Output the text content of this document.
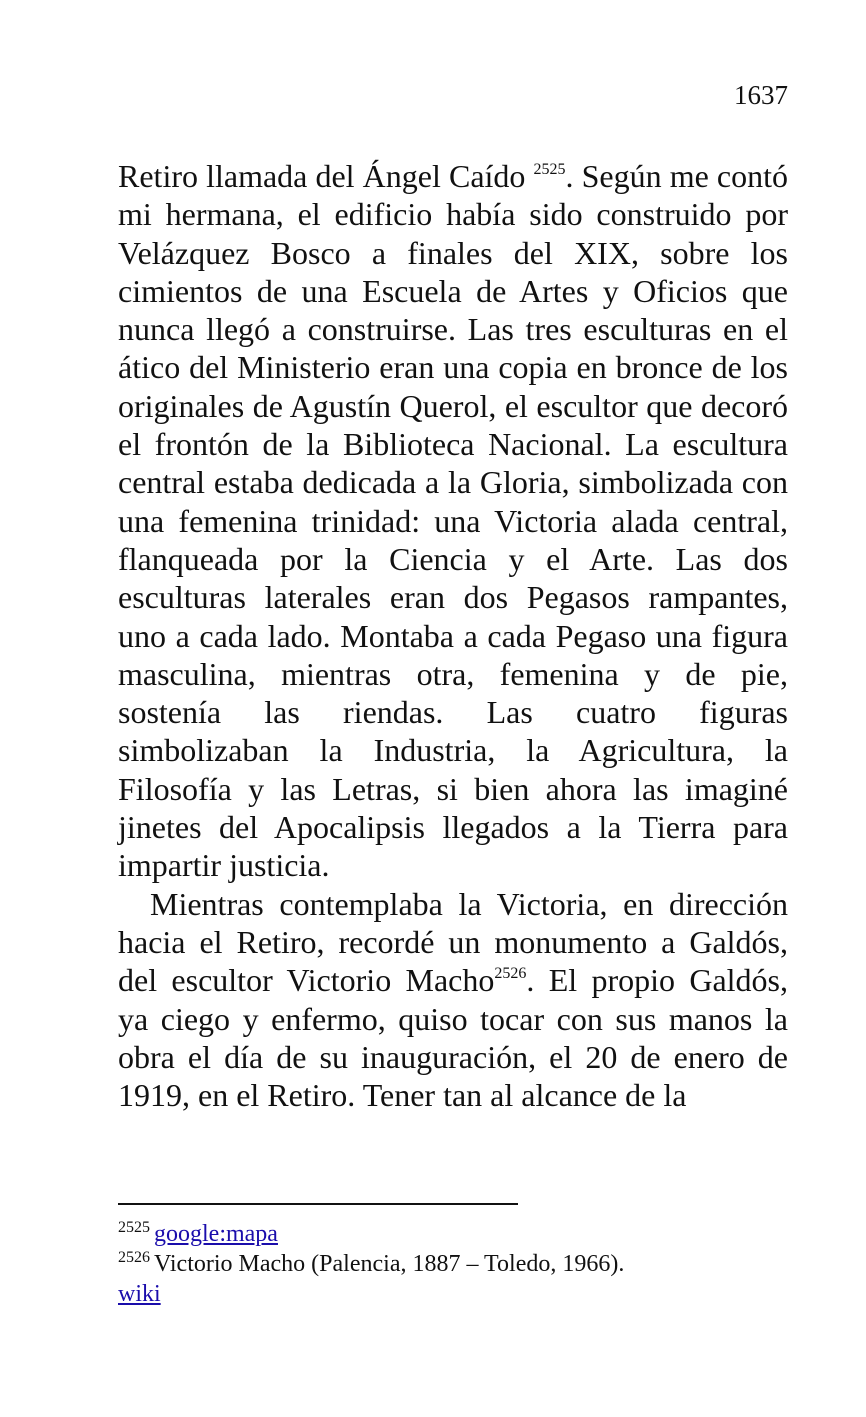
1637

Retiro llamada del Ángel Caído $^{2525}$. Según me contó mi hermana, el edificio había sido construido por Velázquez Bosco a finales del XIX, sobre los cimientos de una Escuela de Artes y Oficios que nunca llegó a construirse. Las tres esculturas en el ático del Ministerio eran una copia en bronce de los originales de Agustín Querol, el escultor que decoró el frontón de la Biblioteca Nacional. La escultura central estaba dedicada a la Gloria, simbolizada con una femenina trinidad: una Victoria alada central, flanqueada por la Ciencia y el Arte. Las dos esculturas laterales eran dos Pegasos rampantes, uno a cada lado. Montaba a cada Pegaso una figura masculina, mientras otra, femenina y de pie, sostenía las riendas. Las cuatro figuras simbolizaban la Industria, la Agricultura, la Filosofía y las Letras, si bien ahora las imaginé jinetes del Apocalipsis llegados a la Tierra para impartir justicia.

Mientras contemplaba la Victoria, en dirección hacia el Retiro, recordé un monumento a Galdós, del escultor Victorio Macho$^{2526}$. El propio Galdós, ya ciego y enfermo, quiso tocar con sus manos la obra el día de su inauguración, el 20 de enero de 1919, en el Retiro. Tener tan al alcance de la

$^{2525}$ google:mapa
$^{2526}$ Victorio Macho (Palencia, 1887 – Toledo, 1966).
wiki
